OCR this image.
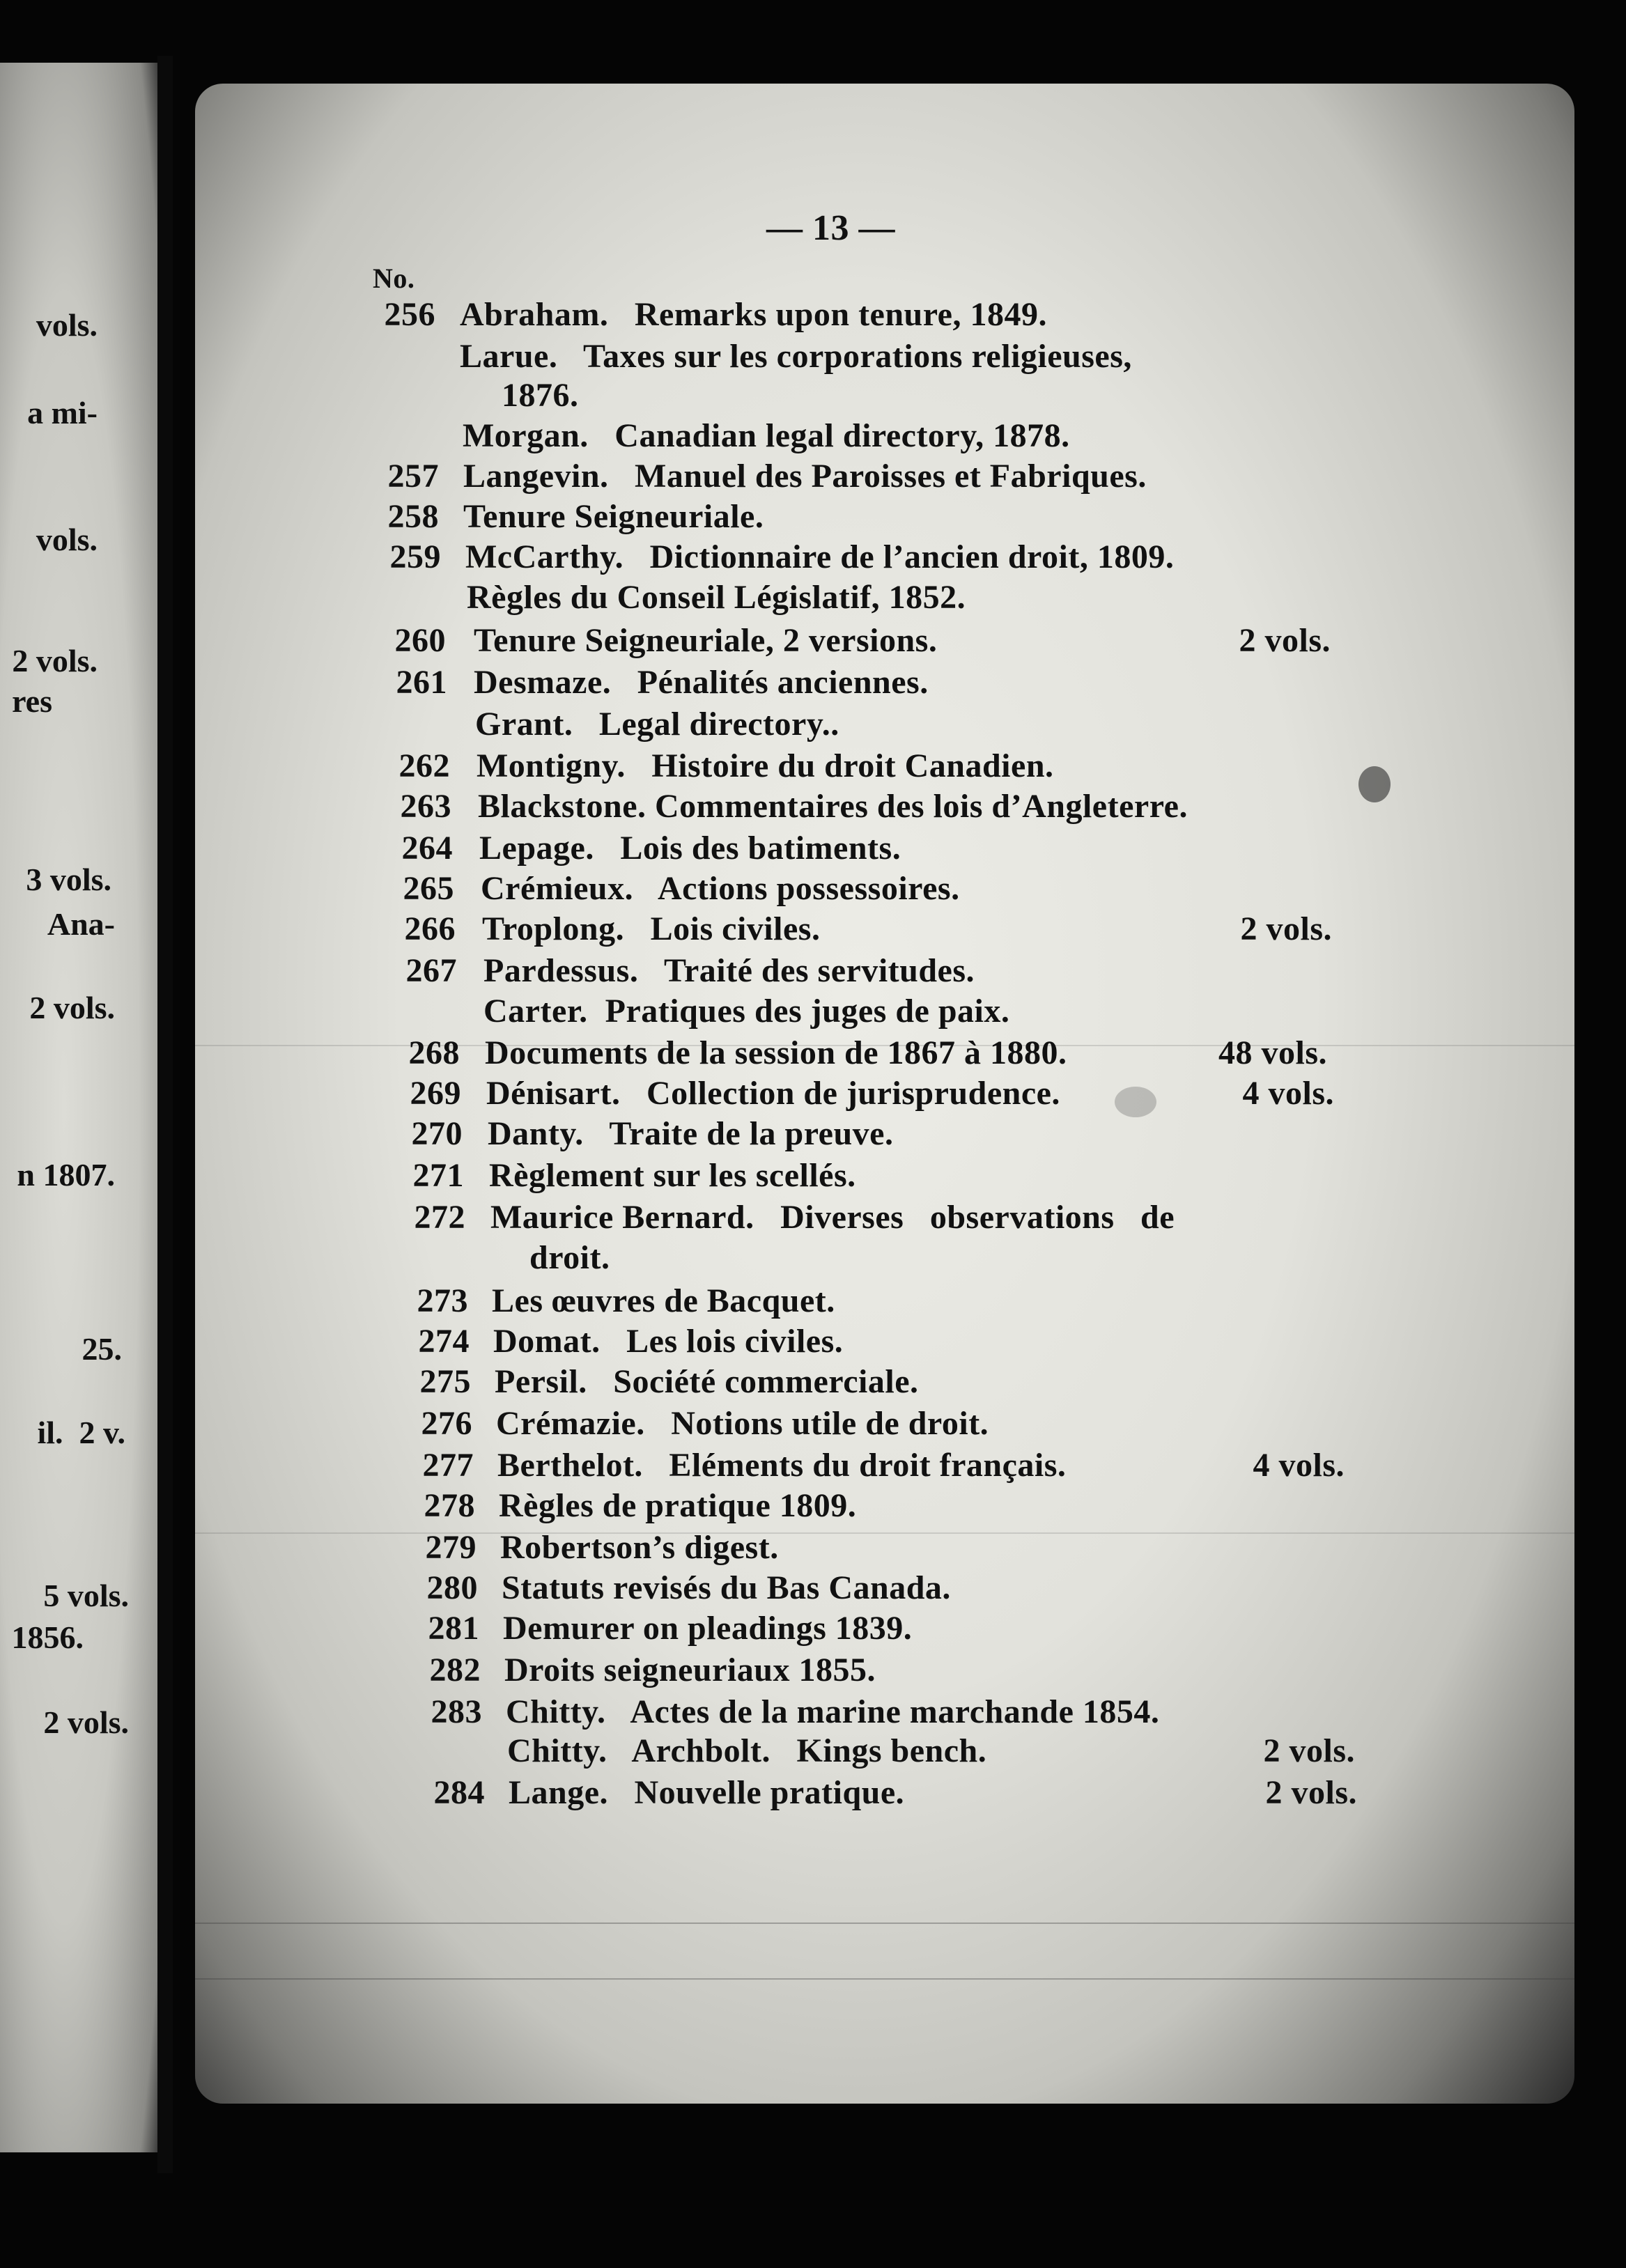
vols.
a mi-
vols.
2 vols.
res
3 vols.
Ana-
2 vols.
n 1807.
25.
il.  2 v.
5 vols.
1856.
2 vols.
— 13 —
No.
256 Abraham.   Remarks upon tenure, 1849.
Larue.   Taxes sur les corporations religieuses,
1876.
Morgan.   Canadian legal directory, 1878.
257 Langevin.   Manuel des Paroisses et Fabriques.
258 Tenure Seigneuriale.
259 McCarthy.   Dictionnaire de l’ancien droit, 1809.
Règles du Conseil Législatif, 1852.
260 Tenure Seigneuriale, 2 versions.	2 vols.
261 Desmaze.   Pénalités anciennes.
Grant.   Legal directory..
262 Montigny.   Histoire du droit Canadien.
263 Blackstone. Commentaires des lois d’Angleterre.
264 Lepage.   Lois des batiments.
265 Crémieux.   Actions possessoires.
266 Troplong.   Lois civiles.	2 vols.
267 Pardessus.   Traité des servitudes.
Carter.  Pratiques des juges de paix.
268 Documents de la session de 1867 à 1880.	48 vols.
269 Dénisart.   Collection de jurisprudence.	4 vols.
270 Danty.   Traite de la preuve.
271 Règlement sur les scellés.
272 Maurice Bernard.   Diverses   observations   de
droit.
273 Les œuvres de Bacquet.
274 Domat.   Les lois civiles.
275 Persil.   Société commerciale.
276 Crémazie.   Notions utile de droit.
277 Berthelot.   Eléments du droit français.	4 vols.
278 Règles de pratique 1809.
279 Robertson’s digest.
280 Statuts revisés du Bas Canada.
281 Demurer on pleadings 1839.
282 Droits seigneuriaux 1855.
283 Chitty.   Actes de la marine marchande 1854.
Chitty.   Archbolt.   Kings bench.	2 vols.
284 Lange.   Nouvelle pratique.	2 vols.
